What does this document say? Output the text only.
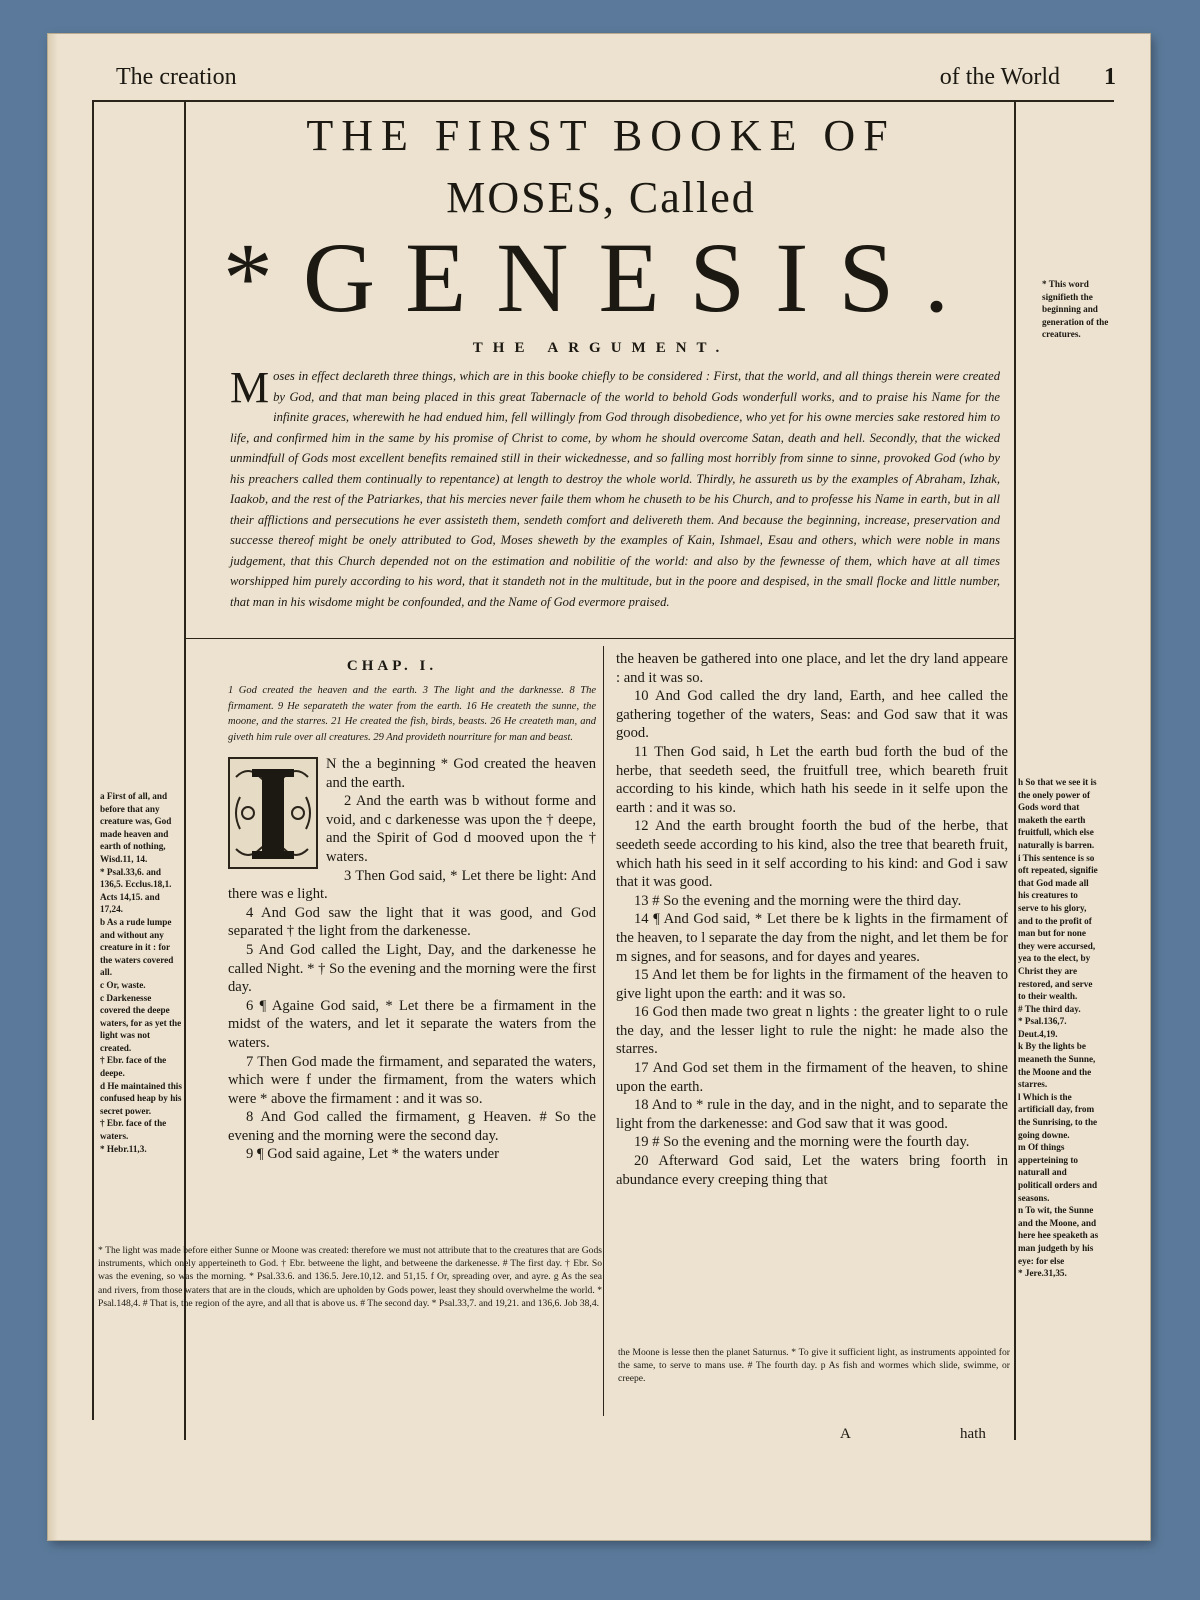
The creation	of the World 1
THE FIRST BOOKE OF
MOSES, Called
*GENESIS.
THE ARGUMENT.
M oses in effect declareth three things, which are in this booke chiefly to be considered : First, that the world, and all things therein were created by God, and that man being placed in this great Tabernacle of the world to behold Gods wonderfull works, and to praise his Name for the infinite graces, wherewith he had endued him, fell willingly from God through disobedience, who yet for his owne mercies sake restored him to life, and confirmed him in the same by his promise of Christ to come, by whom he should overcome Satan, death and hell. Secondly, that the wicked unmindfull of Gods most excellent benefits remained still in their wickednesse, and so falling most horribly from sinne to sinne, provoked God (who by his preachers called them continually to repentance) at length to destroy the whole world. Thirdly, he assureth us by the examples of Abraham, Izhak, Iaakob, and the rest of the Patriarkes, that his mercies never faile them whom he chuseth to be his Church, and to professe his Name in earth, but in all their afflictions and persecutions he ever assisteth them, sendeth comfort and delivereth them. And because the beginning, increase, preservation and successe thereof might be onely attributed to God, Moses sheweth by the examples of Kain, Ishmael, Esau and others, which were noble in mans judgement, that this Church depended not on the estimation and nobilitie of the world: and also by the fewnesse of them, which have at all times worshipped him purely according to his word, that it standeth not in the multitude, but in the poore and despised, in the small flocke and little number, that man in his wisdome might be confounded, and the Name of God evermore praised.
CHAP. I.
1 God created the heaven and the earth. 3 The light and the darknesse. 8 The firmament. 9 He separateth the water from the earth. 16 He createth the sunne, the moone, and the starres. 21 He created the fish, birds, beasts. 26 He createth man, and giveth him rule over all creatures. 29 And provideth nourriture for man and beast.

N the a beginning * God created the heaven and the earth.

2 And the earth was b without forme and void, and c darkenesse was upon the † deepe, and the Spirit of God d mooved upon the † waters.

3 Then God said, * Let there be light: And there was e light.

4 And God saw the light that it was good, and God separated † the light from the darkenesse.

5 And God called the Light, Day, and the darkenesse he called Night. * † So the evening and the morning were the first day.

6 ¶ Againe God said, * Let there be a firmament in the midst of the waters, and let it separate the waters from the waters.

7 Then God made the firmament, and separated the waters, which were f under the firmament, from the waters which were * above the firmament : and it was so.

8 And God called the firmament, g Heaven. # So the evening and the morning were the second day.

9 ¶ God said againe, Let * the waters under

the heaven be gathered into one place, and let the dry land appeare : and it was so.

10 And God called the dry land, Earth, and hee called the gathering together of the waters, Seas: and God saw that it was good.

11 Then God said, h Let the earth bud forth the bud of the herbe, that seedeth seed, the fruitfull tree, which beareth fruit according to his kinde, which hath his seede in it selfe upon the earth : and it was so.

12 And the earth brought foorth the bud of the herbe, that seedeth seede according to his kind, also the tree that beareth fruit, which hath his seed in it self according to his kind: and God i saw that it was good.

13 # So the evening and the morning were the third day.

14 ¶ And God said, * Let there be k lights in the firmament of the heaven, to l separate the day from the night, and let them be for m signes, and for seasons, and for dayes and yeares.

15 And let them be for lights in the firmament of the heaven to give light upon the earth: and it was so.

16 God then made two great n lights : the greater light to o rule the day, and the lesser light to rule the night: he made also the starres.

17 And God set them in the firmament of the heaven, to shine upon the earth.

18 And to * rule in the day, and in the night, and to separate the light from the darkenesse: and God saw that it was good.

19 # So the evening and the morning were the fourth day.

20 Afterward God said, Let the waters bring foorth in abundance every creeping thing that

* The light was made before either Sunne or Moone was created: therefore we must not attribute that to the creatures that are Gods instruments, which onely apperteineth to God. † Ebr. betweene the light, and betweene the darkenesse. # The first day. † Ebr. So was the evening, so was the morning. * Psal.33.6. and 136.5. Jere.10,12. and 51,15. f Or, spreading over, and ayre. g As the sea and rivers, from those waters that are in the clouds, which are upholden by Gods power, least they should overwhelme the world. * Psal.148,4. # That is, the region of the ayre, and all that is above us. # The second day. * Psal.33,7. and 19,21. and 136,6. Job 38,4.
the Moone is lesse then the planet Saturnus. * To give it sufficient light, as instruments appointed for the same, to serve to mans use. # The fourth day. p As fish and wormes which slide, swimme, or creepe.
A	hath

a First of all, and before that any creature was, God made heaven and earth of nothing, Wisd.11, 14.

* Psal.33,6. and 136,5. Ecclus.18,1. Acts 14,15. and 17,24.

b As a rude lumpe and without any creature in it : for the waters covered all.

c Or, waste.

c Darkenesse covered the deepe waters, for as yet the light was not created.

† Ebr. face of the deepe.

d He maintained this confused heap by his secret power.

† Ebr. face of the waters.

* Hebr.11,3.

* This word signifieth the beginning and generation of the creatures.

h So that we see it is the onely power of Gods word that maketh the earth fruitfull, which else naturally is barren.

i This sentence is so oft repeated, signifie that God made all his creatures to serve to his glory, and to the profit of man but for none they were accursed, yea to the elect, by Christ they are restored, and serve to their wealth.

# The third day.

* Psal.136,7. Deut.4,19.

k By the lights be meaneth the Sunne, the Moone and the starres.

l Which is the artificiall day, from the Sunrising, to the going downe.

m Of things apperteining to naturall and politicall orders and seasons.

n To wit, the Sunne and the Moone, and here hee speaketh as man judgeth by his eye: for else

* Jere.31,35.
